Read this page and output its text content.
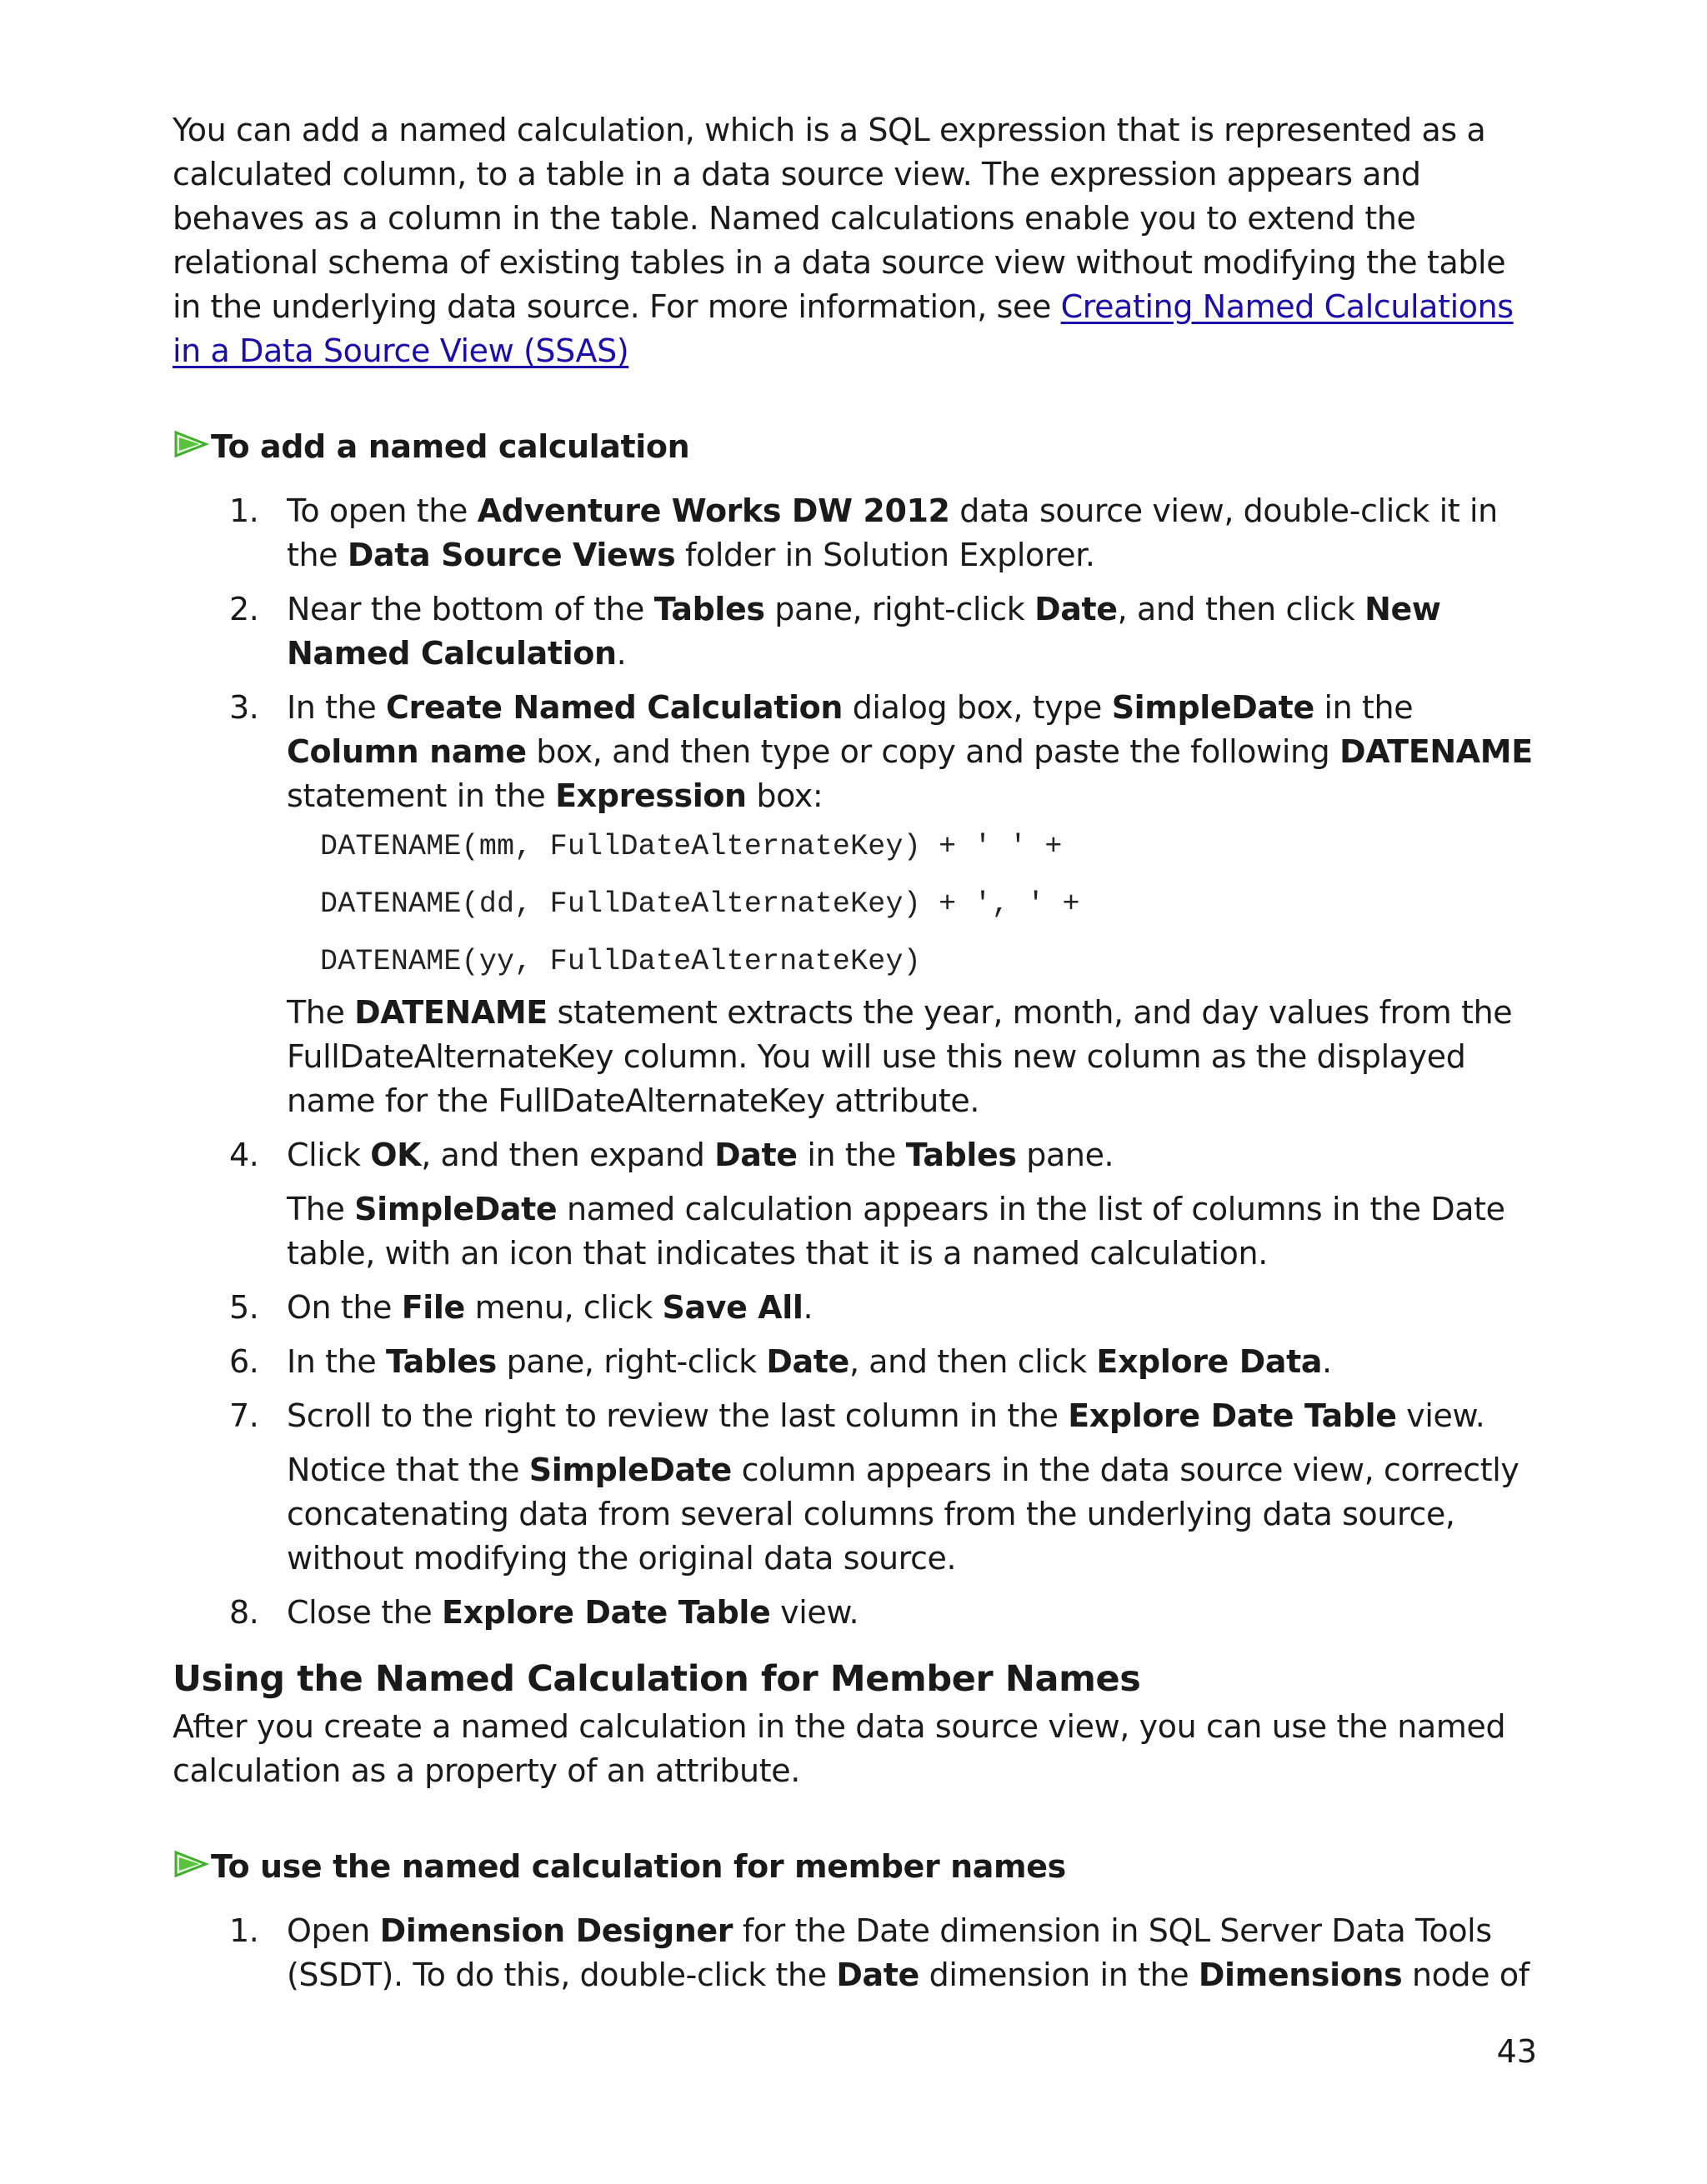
You can add a named calculation, which is a SQL expression that is represented as a calculated column, to a table in a data source view. The expression appears and behaves as a column in the table. Named calculations enable you to extend the relational schema of existing tables in a data source view without modifying the table in the underlying data source. For more information, see Creating Named Calculations in a Data Source View (SSAS)

To add a named calculation
1. To open the Adventure Works DW 2012 data source view, double-click it in the Data Source Views folder in Solution Explorer.
2. Near the bottom of the Tables pane, right-click Date, and then click New Named Calculation.
3. In the Create Named Calculation dialog box, type SimpleDate in the Column name box, and then type or copy and paste the following DATENAME statement in the Expression box:
DATENAME(mm, FullDateAlternateKey) + ' ' +
DATENAME(dd, FullDateAlternateKey) + ', ' +
DATENAME(yy, FullDateAlternateKey)

The DATENAME statement extracts the year, month, and day values from the FullDateAlternateKey column. You will use this new column as the displayed name for the FullDateAlternateKey attribute.

4. Click OK, and then expand Date in the Tables pane.

The SimpleDate named calculation appears in the list of columns in the Date table, with an icon that indicates that it is a named calculation.

5. On the File menu, click Save All.
6. In the Tables pane, right-click Date, and then click Explore Data.
7. Scroll to the right to review the last column in the Explore Date Table view.

Notice that the SimpleDate column appears in the data source view, correctly concatenating data from several columns from the underlying data source, without modifying the original data source.

8. Close the Explore Date Table view.
Using the Named Calculation for Member Names

After you create a named calculation in the data source view, you can use the named calculation as a property of an attribute.

To use the named calculation for member names
1. Open Dimension Designer for the Date dimension in SQL Server Data Tools (SSDT). To do this, double-click the Date dimension in the Dimensions node of
43
